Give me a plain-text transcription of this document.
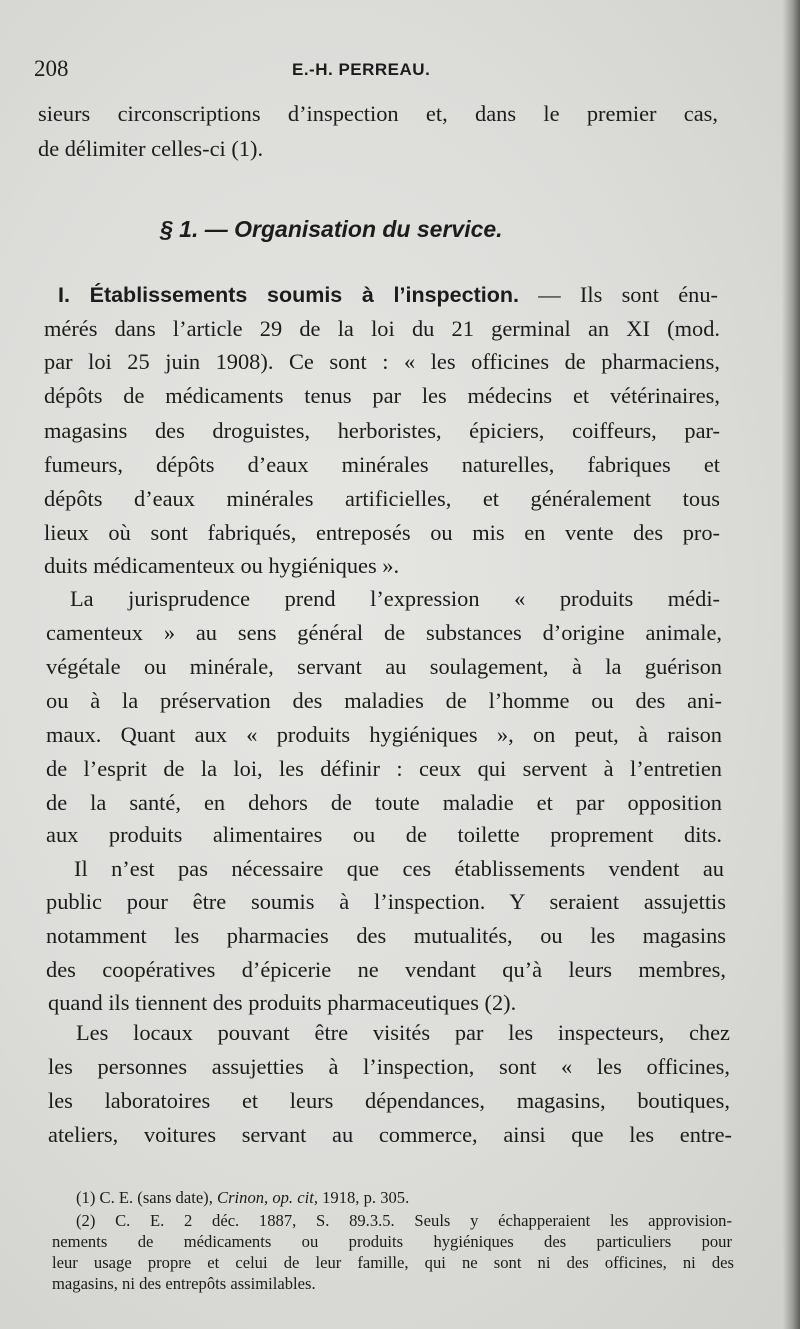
208	E.-H. PERREAU.
sieurs circonscriptions d’inspection et, dans le premier cas,
de délimiter celles-ci (1).
§ 1. — Organisation du service.
I. Établissements soumis à l’inspection. — Ils sont énu-
mérés dans l’article 29 de la loi du 21 germinal an XI (mod.
par loi 25 juin 1908). Ce sont : « les officines de pharmaciens,
dépôts de médicaments tenus par les médecins et vétérinaires,
magasins des droguistes, herboristes, épiciers, coiffeurs, par-
fumeurs, dépôts d’eaux minérales naturelles, fabriques et
dépôts d’eaux minérales artificielles, et généralement tous
lieux où sont fabriqués, entreposés ou mis en vente des pro-
duits médicamenteux ou hygiéniques ».
La jurisprudence prend l’expression « produits médi-
camenteux » au sens général de substances d’origine animale,
végétale ou minérale, servant au soulagement, à la guérison
ou à la préservation des maladies de l’homme ou des ani-
maux. Quant aux « produits hygiéniques », on peut, à raison
de l’esprit de la loi, les définir : ceux qui servent à l’entretien
de la santé, en dehors de toute maladie et par opposition
aux produits alimentaires ou de toilette proprement dits.
Il n’est pas nécessaire que ces établissements vendent au
public pour être soumis à l’inspection. Y seraient assujettis
notamment les pharmacies des mutualités, ou les magasins
des coopératives d’épicerie ne vendant qu’à leurs membres,
quand ils tiennent des produits pharmaceutiques (2).
Les locaux pouvant être visités par les inspecteurs, chez
les personnes assujetties à l’inspection, sont « les officines,
les laboratoires et leurs dépendances, magasins, boutiques,
ateliers, voitures servant au commerce, ainsi que les entre-
(1) C. E. (sans date), Crinon, op. cit, 1918, p. 305.
(2) C. E. 2 déc. 1887, S. 89.3.5. Seuls y échapperaient les approvision-
nements de médicaments ou produits hygiéniques des particuliers pour
leur usage propre et celui de leur famille, qui ne sont ni des officines, ni des
magasins, ni des entrepôts assimilables.
